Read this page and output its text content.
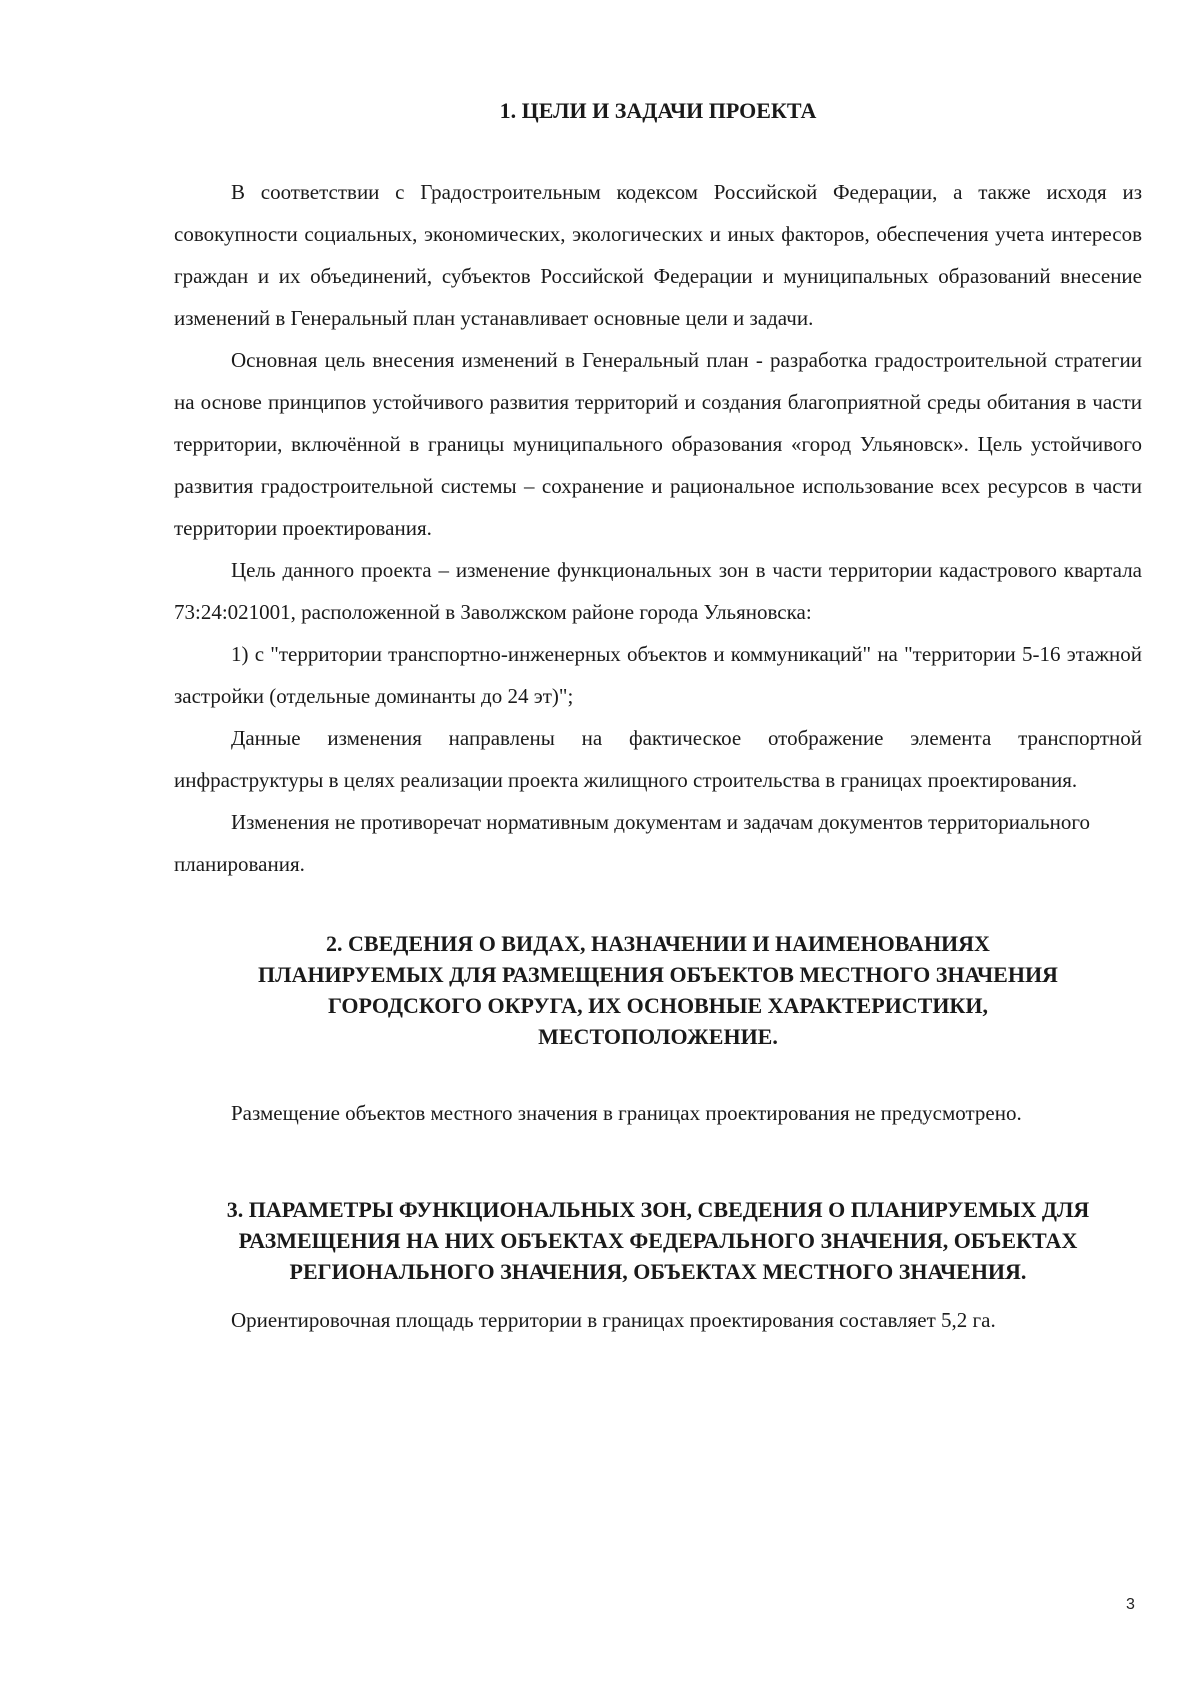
1. ЦЕЛИ И ЗАДАЧИ ПРОЕКТА

В соответствии с Градостроительным кодексом Российской Федерации, а также исходя из совокупности социальных, экономических, экологических и иных факторов, обеспечения учета интересов граждан и их объединений, субъектов Российской Федерации и муниципальных образований внесение изменений в Генеральный план устанавливает основные цели и задачи.

Основная цель внесения изменений в Генеральный план - разработка градостроительной стратегии на основе принципов устойчивого развития территорий и создания благоприятной среды обитания в части территории, включённой в границы муниципального образования «город Ульяновск». Цель устойчивого развития градостроительной системы – сохранение и рациональное использование всех ресурсов в части территории проектирования.

Цель данного проекта – изменение функциональных зон в части территории кадастрового квартала 73:24:021001, расположенной в Заволжском районе города Ульяновска:

1) с "территории транспортно-инженерных объектов и коммуникаций" на "территории 5-16 этажной застройки (отдельные доминанты до 24 эт)";

Данные изменения направлены на фактическое отображение элемента транспортной инфраструктуры в целях реализации проекта жилищного строительства в границах проектирования.

Изменения не противоречат нормативным документам и задачам документов территориального планирования.

2. СВЕДЕНИЯ О ВИДАХ, НАЗНАЧЕНИИ И НАИМЕНОВАНИЯХ
ПЛАНИРУЕМЫХ ДЛЯ РАЗМЕЩЕНИЯ ОБЪЕКТОВ МЕСТНОГО ЗНАЧЕНИЯ
ГОРОДСКОГО ОКРУГА, ИХ ОСНОВНЫЕ ХАРАКТЕРИСТИКИ,
МЕСТОПОЛОЖЕНИЕ.

Размещение объектов местного значения в границах проектирования не предусмотрено.

3. ПАРАМЕТРЫ ФУНКЦИОНАЛЬНЫХ ЗОН, СВЕДЕНИЯ О ПЛАНИРУЕМЫХ ДЛЯ
РАЗМЕЩЕНИЯ НА НИХ ОБЪЕКТАХ ФЕДЕРАЛЬНОГО ЗНАЧЕНИЯ, ОБЪЕКТАХ
РЕГИОНАЛЬНОГО ЗНАЧЕНИЯ, ОБЪЕКТАХ МЕСТНОГО ЗНАЧЕНИЯ.

Ориентировочная площадь территории в границах проектирования составляет 5,2 га.

3
